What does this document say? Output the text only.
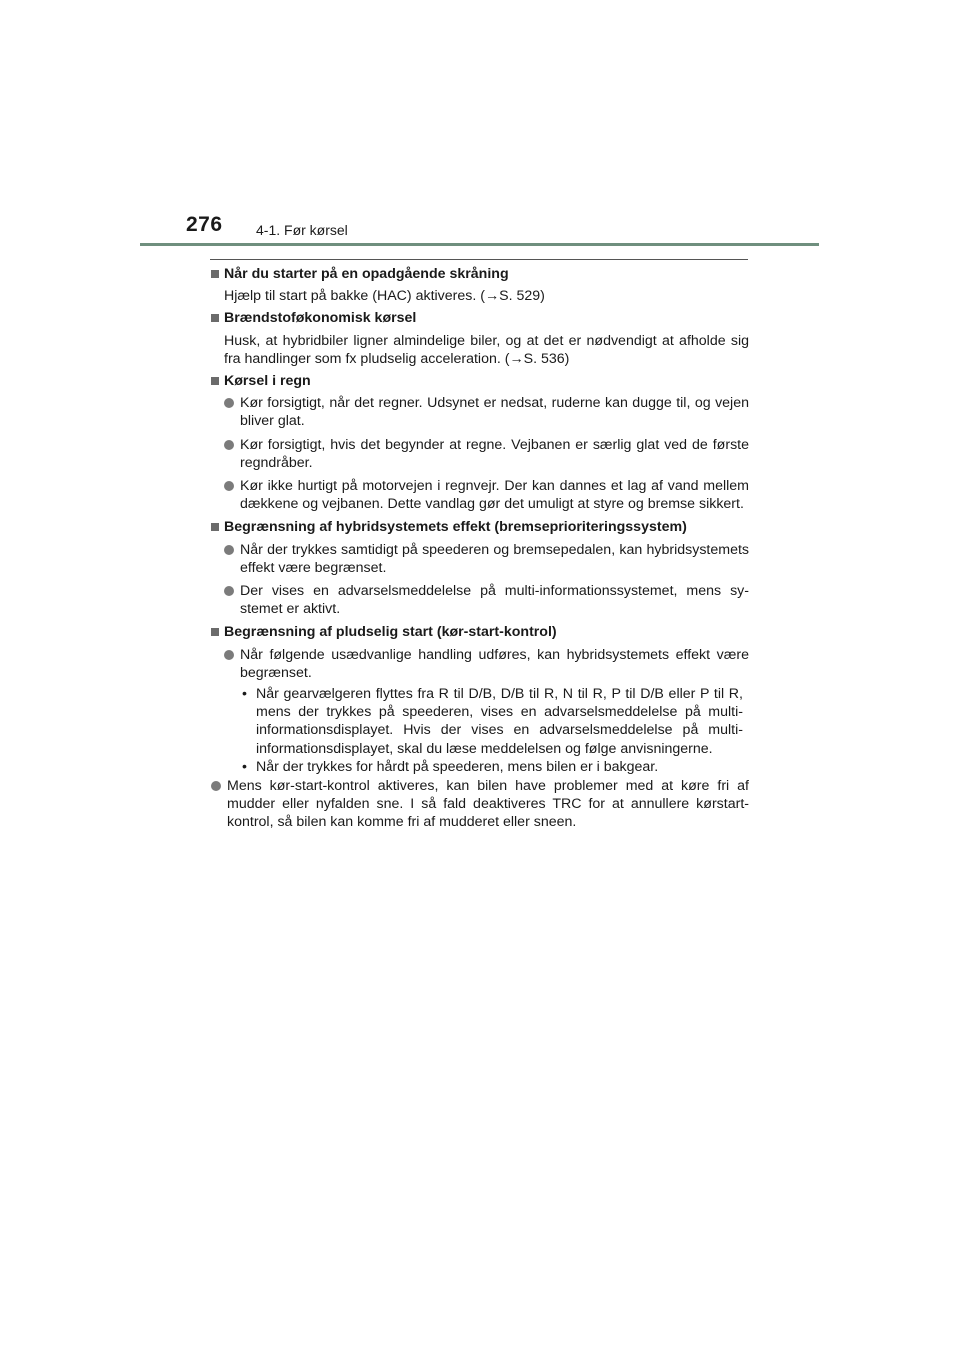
276 4-1. Før kørsel
Når du starter på en opadgående skråning
Hjælp til start på bakke (HAC) aktiveres. (→S. 529)
Brændstoføkonomisk kørsel
Husk, at hybridbiler ligner almindelige biler, og at det er nødvendigt at afholde sig fra handlinger som fx pludselig acceleration. (→S. 536)
Kørsel i regn
Kør forsigtigt, når det regner. Udsynet er nedsat, ruderne kan dugge til, og vejen bliver glat.
Kør forsigtigt, hvis det begynder at regne. Vejbanen er særlig glat ved de første regndråber.
Kør ikke hurtigt på motorvejen i regnvejr. Der kan dannes et lag af vand mellem dækkene og vejbanen. Dette vandlag gør det umuligt at styre og bremse sikkert.
Begrænsning af hybridsystemets effekt (bremseprioriteringssystem)
Når der trykkes samtidigt på speederen og bremsepedalen, kan hybridsystemets effekt være begrænset.
Der vises en advarselsmeddelelse på multi-informationssystemet, mens systemet er aktivt.
Begrænsning af pludselig start (kør-start-kontrol)
Når følgende usædvanlige handling udføres, kan hybridsystemets effekt være begrænset.
• Når gearvælgeren flyttes fra R til D/B, D/B til R, N til R, P til D/B eller P til R, mens der trykkes på speederen, vises en advarselsmeddelelse på multi-informationsdisplayet. Hvis der vises en advarselsmeddelelse på multi-informationsdisplayet, skal du læse meddelelsen og følge anvisningerne.
• Når der trykkes for hårdt på speederen, mens bilen er i bakgear.
Mens kør-start-kontrol aktiveres, kan bilen have problemer med at køre fri af mudder eller nyfalden sne. I så fald deaktiveres TRC for at annullere kørstart-kontrol, så bilen kan komme fri af mudderet eller sneen.
